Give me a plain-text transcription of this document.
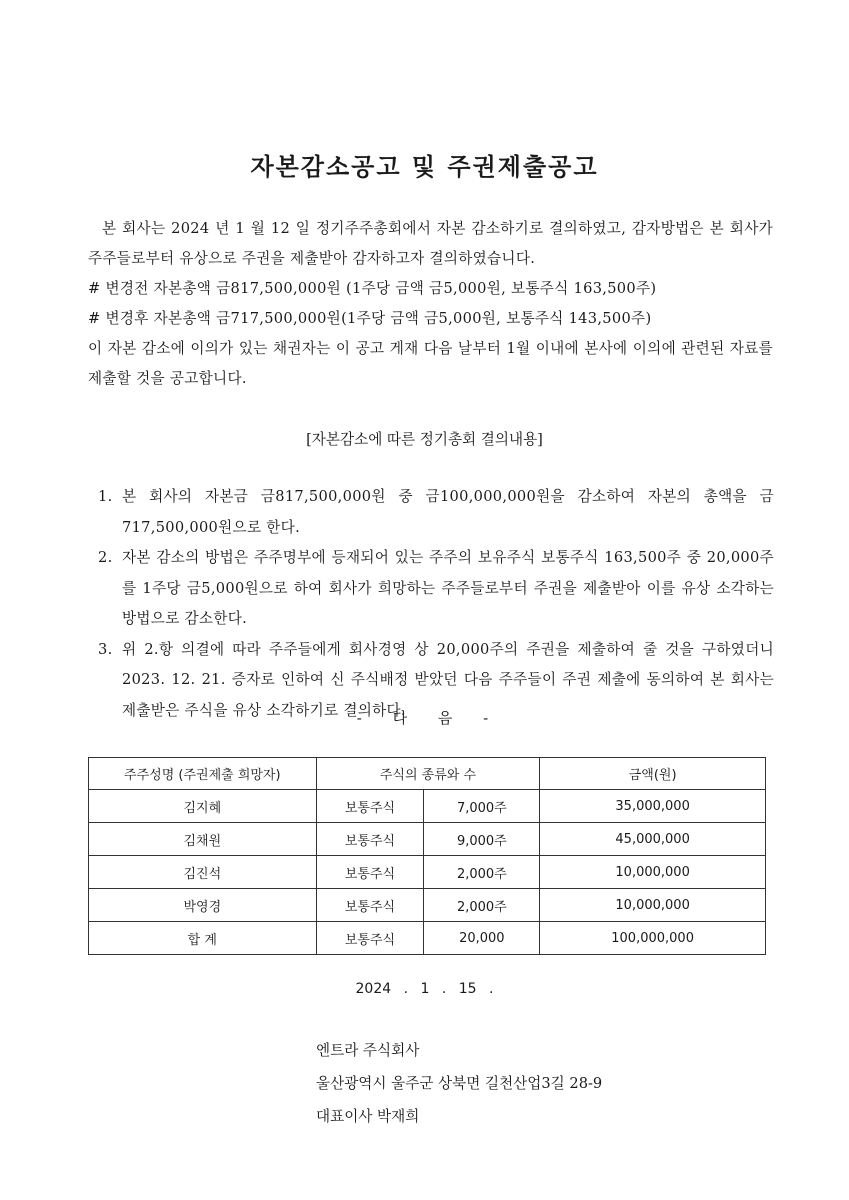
자본감소공고 및 주권제출공고

본 회사는 2024 년 1 월 12 일 정기주주총회에서 자본 감소하기로 결의하였고, 감자방법은 본 회사가 주주들로부터 유상으로 주권을 제출받아 감자하고자 결의하였습니다.

# 변경전 자본총액 금817,500,000원 (1주당 금액 금5,000원, 보통주식 163,500주)

# 변경후 자본총액 금717,500,000원(1주당 금액 금5,000원, 보통주식 143,500주)

이 자본 감소에 이의가 있는 채권자는 이 공고 게재 다음 날부터 1월 이내에 본사에 이의에 관련된 자료를 제출할 것을 공고합니다.

[자본감소에 따른 정기총회 결의내용]
1. 본 회사의 자본금 금817,500,000원 중 금100,000,000원을 감소하여 자본의 총액을 금717,500,000원으로 한다.
2. 자본 감소의 방법은 주주명부에 등재되어 있는 주주의 보유주식 보통주식 163,500주 중 20,000주를 1주당 금5,000원으로 하여 회사가 희망하는 주주들로부터 주권을 제출받아 이를 유상 소각하는 방법으로 감소한다.
3. 위 2.항 의결에 따라 주주들에게 회사경영 상 20,000주의 주권을 제출하여 줄 것을 구하였더니 2023. 12. 21. 증자로 인하여 신 주식배정 받았던 다음 주주들이 주권 제출에 동의하여 본 회사는 제출받은 주식을 유상 소각하기로 결의하다.
- 다 음 -
주주성명 (주권제출 희망자)	주식의 종류와 수		금액(원)
김지혜	보통주식	7,000주	35,000,000
김채원	보통주식	9,000주	45,000,000
김진석	보통주식	2,000주	10,000,000
박영경	보통주식	2,000주	10,000,000
합 계	보통주식	20,000	100,000,000
2024 . 1 . 15 .
엔트라 주식회사
울산광역시 울주군 상북면 길천산업3길 28-9
대표이사 박재희
